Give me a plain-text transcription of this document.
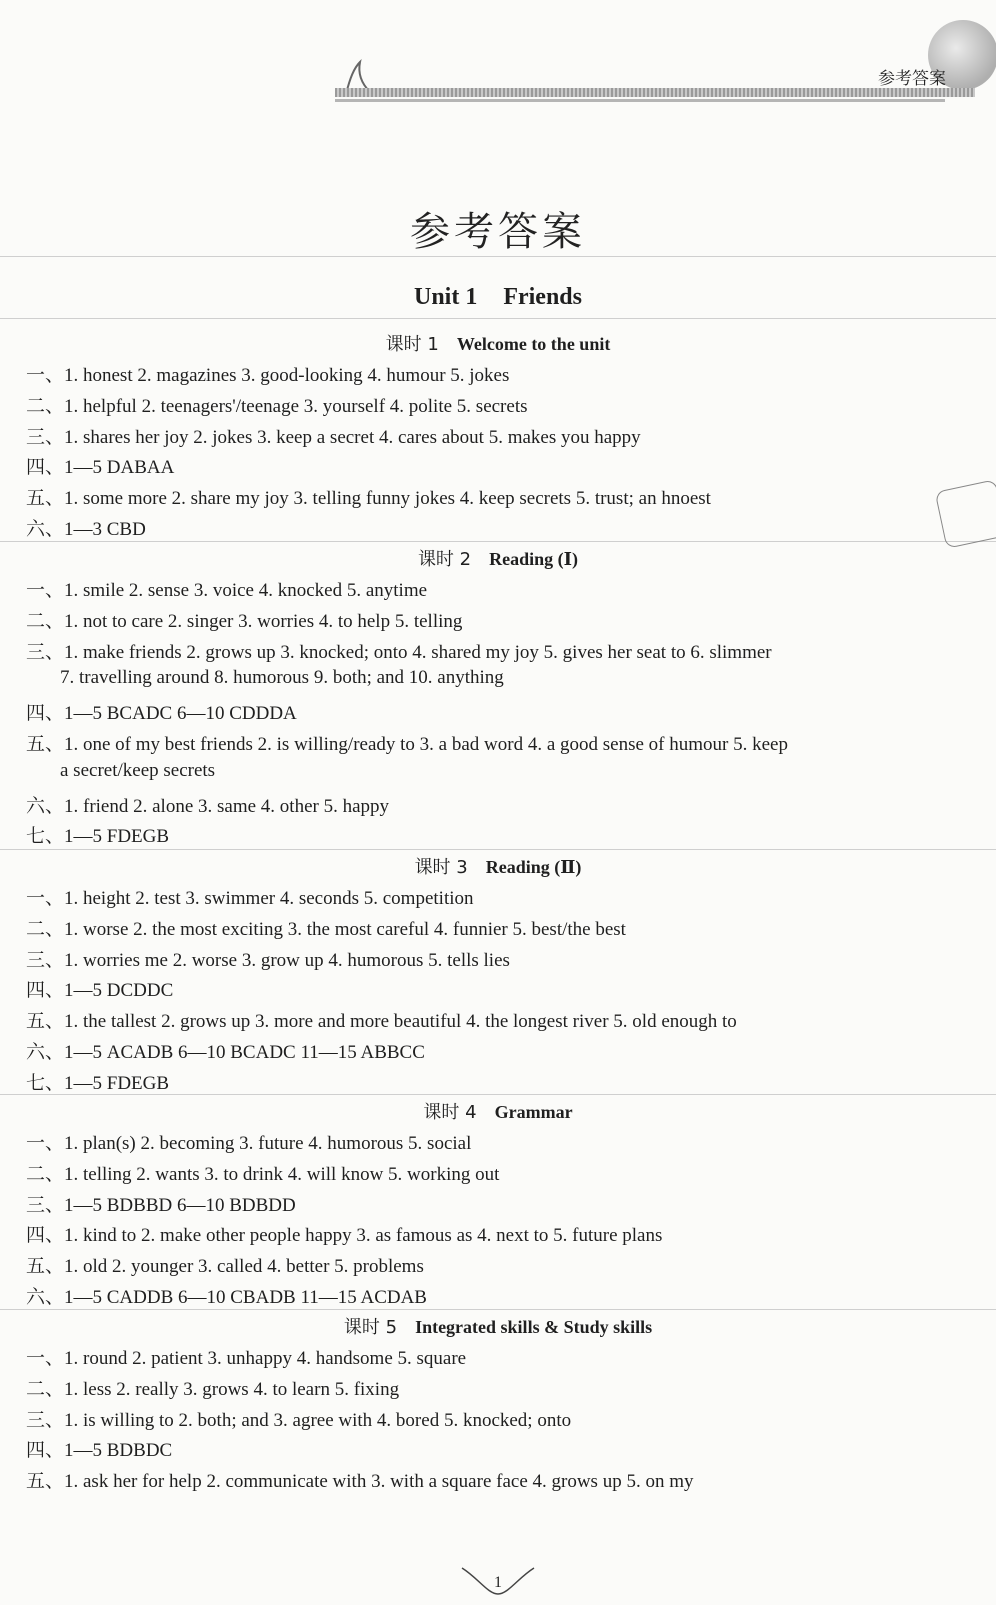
参考答案
参考答案
Unit 1 Friends
课时 1   Welcome to the unit
一、1. honest 2. magazines 3. good-looking 4. humour 5. jokes
二、1. helpful 2. teenagers'/teenage 3. yourself 4. polite 5. secrets
三、1. shares her joy 2. jokes 3. keep a secret 4. cares about 5. makes you happy
四、1—5 DABAA
五、1. some more 2. share my joy 3. telling funny jokes 4. keep secrets 5. trust; an hnoest
六、1—3 CBD
课时 2   Reading (Ⅰ)
一、1. smile 2. sense 3. voice 4. knocked 5. anytime
二、1. not to care 2. singer 3. worries 4. to help 5. telling
三、1. make friends 2. grows up 3. knocked; onto 4. shared my joy 5. gives her seat to 6. slimmer
7. travelling around 8. humorous 9. both; and 10. anything
四、1—5 BCADC 6—10 CDDDA
五、1. one of my best friends 2. is willing/ready to 3. a bad word 4. a good sense of humour 5. keep
a secret/keep secrets
六、1. friend 2. alone 3. same 4. other 5. happy
七、1—5 FDEGB
课时 3   Reading (Ⅱ)
一、1. height 2. test 3. swimmer 4. seconds 5. competition
二、1. worse 2. the most exciting 3. the most careful 4. funnier 5. best/the best
三、1. worries me 2. worse 3. grow up 4. humorous 5. tells lies
四、1—5 DCDDC
五、1. the tallest 2. grows up 3. more and more beautiful 4. the longest river 5. old enough to
六、1—5 ACADB 6—10 BCADC 11—15 ABBCC
七、1—5 FDEGB
课时 4   Grammar
一、1. plan(s) 2. becoming 3. future 4. humorous 5. social
二、1. telling 2. wants 3. to drink 4. will know 5. working out
三、1—5 BDBBD 6—10 BDBDD
四、1. kind to 2. make other people happy 3. as famous as 4. next to 5. future plans
五、1. old 2. younger 3. called 4. better 5. problems
六、1—5 CADDB 6—10 CBADB 11—15 ACDAB
课时 5   Integrated skills & Study skills
一、1. round 2. patient 3. unhappy 4. handsome 5. square
二、1. less 2. really 3. grows 4. to learn 5. fixing
三、1. is willing to 2. both; and 3. agree with 4. bored 5. knocked; onto
四、1—5 BDBDC
五、1. ask her for help 2. communicate with 3. with a square face 4. grows up 5. on my
1
